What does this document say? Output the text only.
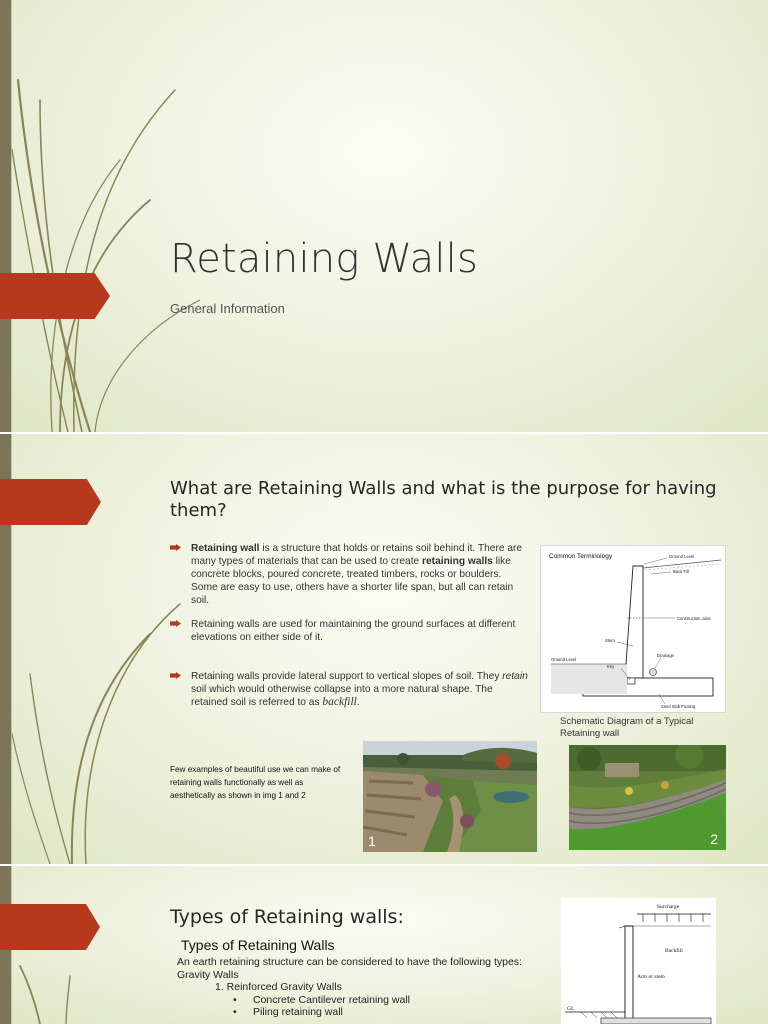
Retaining Walls
General Information
What are Retaining Walls and what is the purpose for having them?
Retaining wall is a structure that holds or retains soil behind it. There are many types of materials that can be used to create retaining walls like concrete blocks, poured concrete, treated timbers, rocks or boulders. Some are easy to use, others have a shorter life span, but all can retain soil.
Retaining walls are used for maintaining the ground surfaces at different elevations on either side of it.
Retaining walls provide lateral support to vertical slopes of soil. They retain soil which would otherwise collapse into a more natural shape. The retained soil is referred to as backfill.
Common Terminology	Ground Level
Back Fill
Construction Joint
Stem
Drainage
Ground Level
Key
Steel Slab Footing
Schematic Diagram of a Typical Retaining wall
Few examples of beautiful use we can make of retaining walls functionally as well as aesthetically as shown in img 1 and 2
1	2
Types of Retaining walls:
Types of Retaining Walls
An earth retaining structure can be considered to have the following types:
Gravity Walls
1. Reinforced Gravity Walls
• Concrete Cantilever retaining wall
• Piling retaining wall
Surcharge
Backfill
Arm or stem
GL
